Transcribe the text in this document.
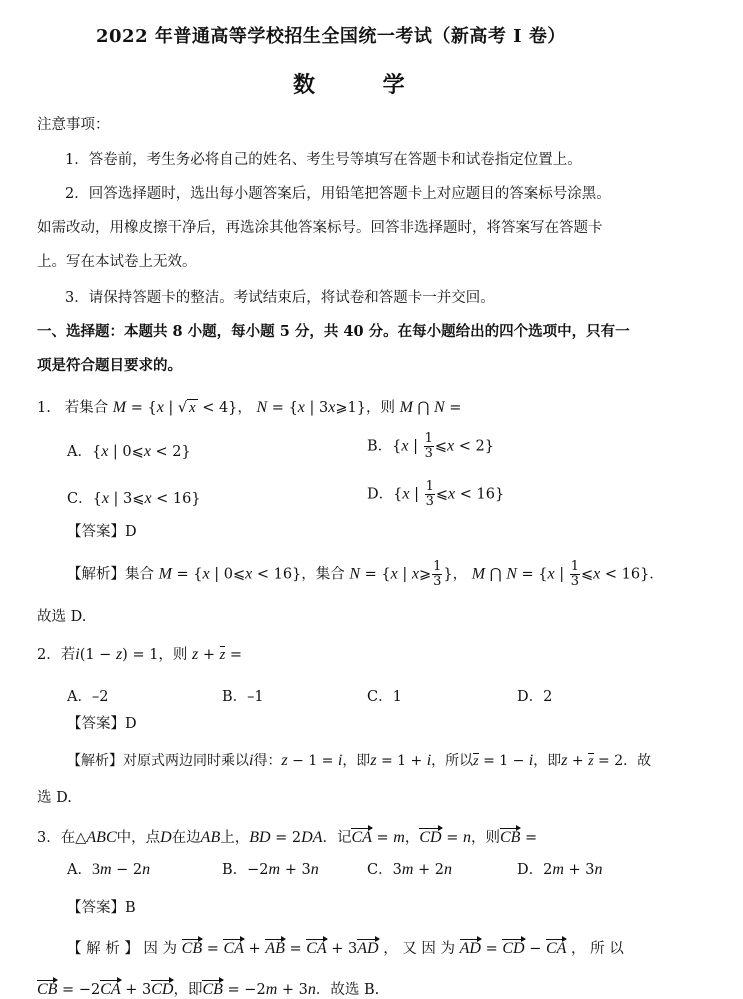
2022 年普通高等学校招生全国统一考试（新高考 I 卷）
数 学
注意事项：
1．答卷前，考生务必将自己的姓名、考生号等填写在答题卡和试卷指定位置上。
2．回答选择题时，选出每小题答案后，用铅笔把答题卡上对应题目的答案标号涂黑。
如需改动，用橡皮擦干净后，再选涂其他答案标号。回答非选择题时，将答案写在答题卡
上。写在本试卷上无效。
3．请保持答题卡的整洁。考试结束后，将试卷和答题卡一并交回。
一、选择题：本题共 8 小题，每小题 5 分，共 40 分。在每小题给出的四个选项中，只有一
项是符合题目要求的。
1. 若集合 M = {x | √ x < 4}， N = {x | 3x⩾1}，则 M ⋂ N =
A．{x | 0⩽x < 2}	B．{x | $\frac{1}{3}$ ⩽x < 2}
C．{x | 3⩽x < 16}	D．{x | $\frac{1}{3}$ ⩽x < 16}
【答案】D
【解析】集合 M = {x | 0⩽x < 16}，集合 N = {x | x⩾ $\frac{1}{3}$ }， M ⋂ N = {x | $\frac{1}{3}$ ⩽x < 16}．
故选 D.
2．若i(1 − z) = 1，则 z + z =
A．–2	B．–1	C．1	D．2
【答案】D
【解析】对原式两边同时乘以i得：z − 1 = i，即z = 1 + i，所以z = 1 − i，即z + z = 2．故
选 D.
3．在△ABC中，点D在边AB上，BD = 2DA．记CA = m，CD = n，则CB =
A．3m − 2n	B．−2m + 3n	C．3m + 2n	D．2m + 3n
【答案】B
【 解 析 】 因 为 CB = CA + AB = CA + 3AD ， 又 因 为 AD = CD − CA ， 所 以
CB = −2CA + 3CD，即CB = −2m + 3n．故选 B.
